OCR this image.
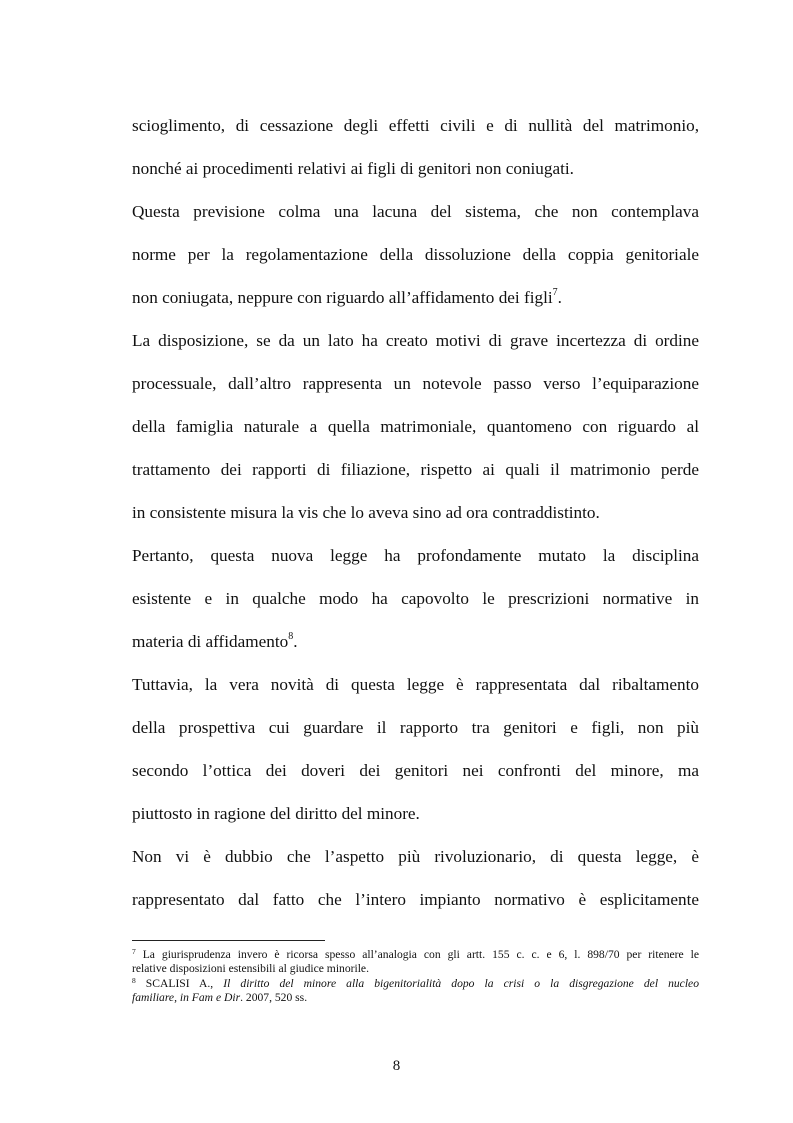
scioglimento, di cessazione degli effetti civili e di nullità del matrimonio,
nonché ai procedimenti relativi ai figli di genitori non coniugati.
Questa previsione colma una lacuna del sistema, che non contemplava
norme per la regolamentazione della dissoluzione della coppia genitoriale
non coniugata, neppure con riguardo all’affidamento dei figli$^7$.
La disposizione, se da un lato ha creato motivi di grave incertezza di ordine
processuale, dall’altro rappresenta un notevole passo verso l’equiparazione
della famiglia naturale a quella matrimoniale, quantomeno con riguardo al
trattamento dei rapporti di filiazione, rispetto ai quali il matrimonio perde
in consistente misura la vis che lo aveva sino ad ora contraddistinto.
Pertanto, questa nuova legge ha profondamente mutato la disciplina
esistente e in qualche modo ha capovolto le prescrizioni normative in
materia di affidamento$^8$.
Tuttavia, la vera novità di questa legge è rappresentata dal ribaltamento
della prospettiva cui guardare il rapporto tra genitori e figli, non più
secondo l’ottica dei doveri dei genitori nei confronti del minore, ma
piuttosto in ragione del diritto del minore.
Non vi è dubbio che l’aspetto più rivoluzionario, di questa legge, è
rappresentato dal fatto che l’intero impianto normativo è esplicitamente
$^7$ La giurisprudenza invero è ricorsa spesso all’analogia con gli artt. 155 c. c. e 6, l. 898/70 per ritenere le
relative disposizioni estensibili al giudice minorile.
$^8$ SCALISI A., Il diritto del minore alla bigenitorialità dopo la crisi o la disgregazione del nucleo
familiare, in Fam e Dir. 2007, 520 ss.
8
